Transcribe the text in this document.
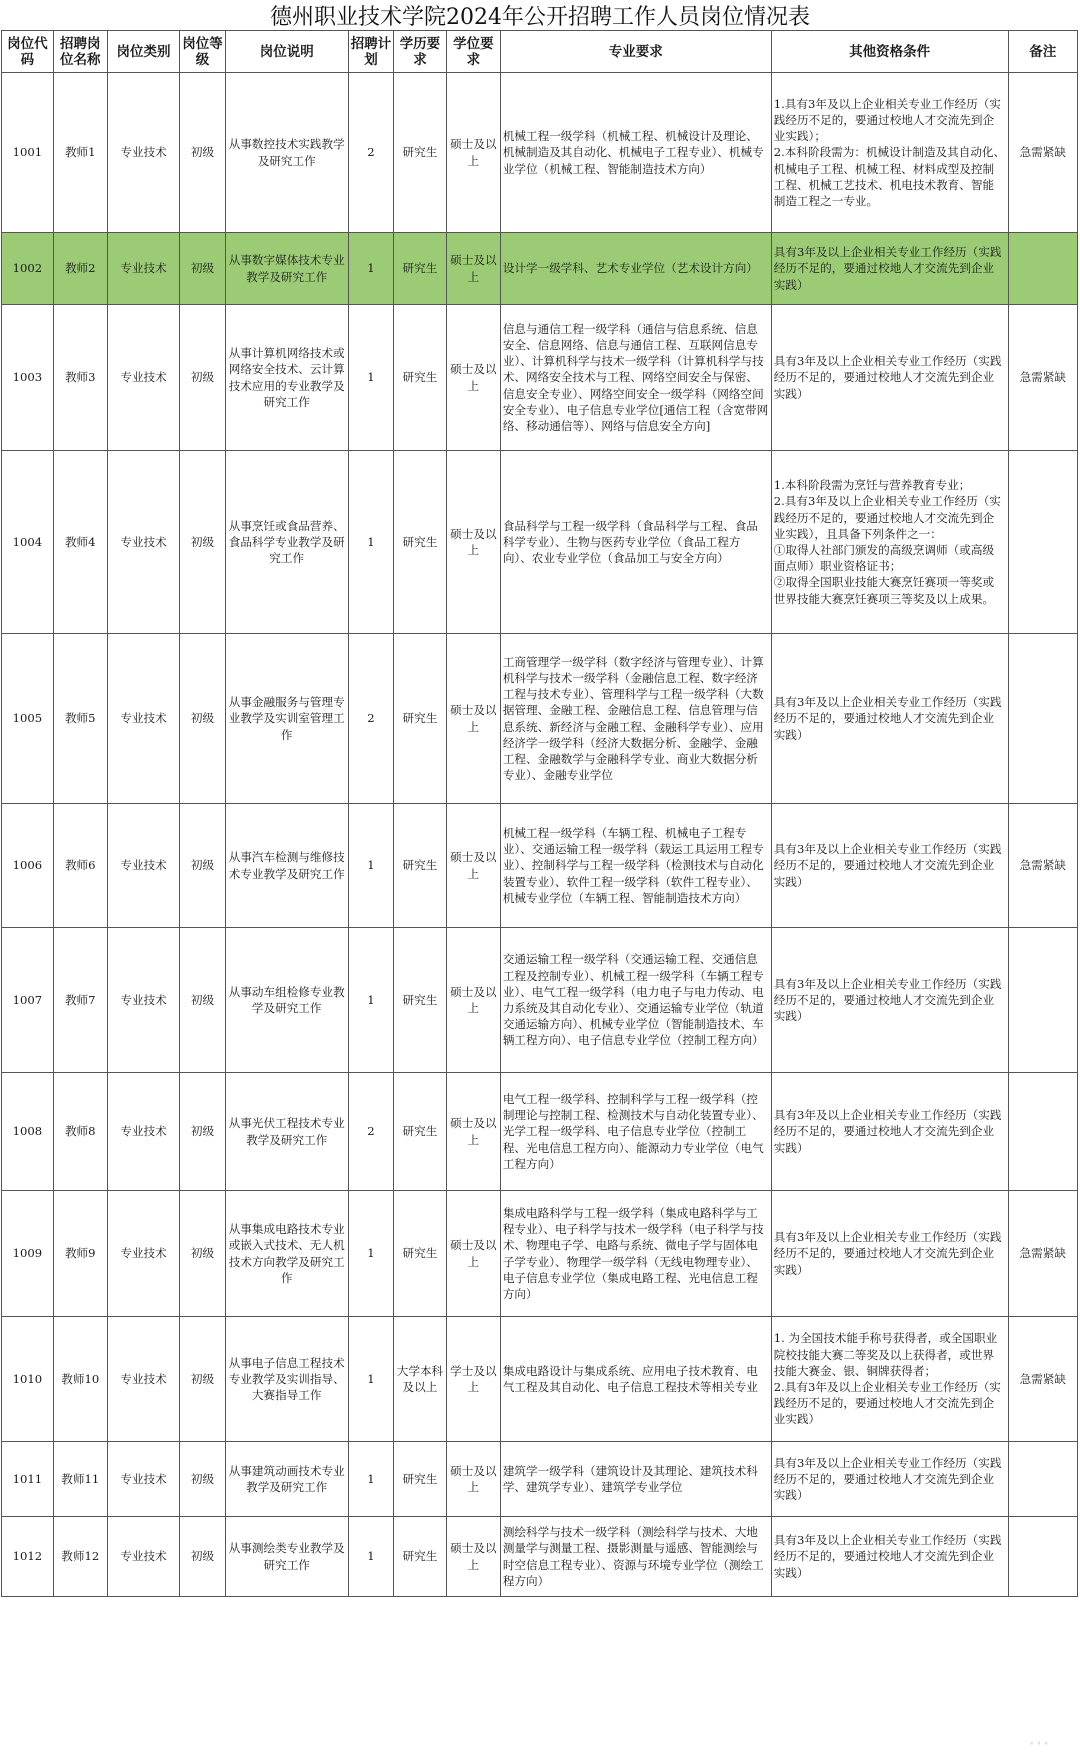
德州职业技术学院2024年公开招聘工作人员岗位情况表
岗位代码	招聘岗位名称	岗位类别	岗位等级	岗位说明	招聘计划	学历要求	学位要求	专业要求	其他资格条件	备注
1001	教师1	专业技术	初级	从事数控技术实践教学及研究工作	2	研究生	硕士及以上	机械工程一级学科（机械工程、机械设计及理论、机械制造及其自动化、机械电子工程专业）、机械专业学位（机械工程、智能制造技术方向）	1.具有3年及以上企业相关专业工作经历（实践经历不足的，要通过校地人才交流先到企业实践）；
2.本科阶段需为：机械设计制造及其自动化、机械电子工程、机械工程、材料成型及控制工程、机械工艺技术、机电技术教育、智能制造工程之一专业。	急需紧缺
1002	教师2	专业技术	初级	从事数字媒体技术专业教学及研究工作	1	研究生	硕士及以上	设计学一级学科、艺术专业学位（艺术设计方向）	具有3年及以上企业相关专业工作经历（实践经历不足的，要通过校地人才交流先到企业实践）	
1003	教师3	专业技术	初级	从事计算机网络技术或网络安全技术、云计算技术应用的专业教学及研究工作	1	研究生	硕士及以上	信息与通信工程一级学科（通信与信息系统、信息安全、信息网络、信息与通信工程、互联网信息专业）、计算机科学与技术一级学科（计算机科学与技术、网络安全技术与工程、网络空间安全与保密、信息安全专业）、网络空间安全一级学科（网络空间安全专业）、电子信息专业学位[通信工程（含宽带网络、移动通信等）、网络与信息安全方向]	具有3年及以上企业相关专业工作经历（实践经历不足的，要通过校地人才交流先到企业实践）	急需紧缺
1004	教师4	专业技术	初级	从事烹饪或食品营养、食品科学专业教学及研究工作	1	研究生	硕士及以上	食品科学与工程一级学科（食品科学与工程、食品科学专业）、生物与医药专业学位（食品工程方向）、农业专业学位（食品加工与安全方向）	1.本科阶段需为烹饪与营养教育专业；
2.具有3年及以上企业相关专业工作经历（实践经历不足的，要通过校地人才交流先到企业实践），且具备下列条件之一：
①取得人社部门颁发的高级烹调师（或高级面点师）职业资格证书；
②取得全国职业技能大赛烹饪赛项一等奖或世界技能大赛烹饪赛项三等奖及以上成果。	
1005	教师5	专业技术	初级	从事金融服务与管理专业教学及实训室管理工作	2	研究生	硕士及以上	工商管理学一级学科（数字经济与管理专业）、计算机科学与技术一级学科（金融信息工程、数字经济工程与技术专业）、管理科学与工程一级学科（大数据管理、金融工程、金融信息工程、信息管理与信息系统、新经济与金融工程、金融科学专业）、应用经济学一级学科（经济大数据分析、金融学、金融工程、金融数学与金融科学专业、商业大数据分析专业）、金融专业学位	具有3年及以上企业相关专业工作经历（实践经历不足的，要通过校地人才交流先到企业实践）	
1006	教师6	专业技术	初级	从事汽车检测与维修技术专业教学及研究工作	1	研究生	硕士及以上	机械工程一级学科（车辆工程、机械电子工程专业）、交通运输工程一级学科（载运工具运用工程专业）、控制科学与工程一级学科（检测技术与自动化装置专业）、软件工程一级学科（软件工程专业）、机械专业学位（车辆工程、智能制造技术方向）	具有3年及以上企业相关专业工作经历（实践经历不足的，要通过校地人才交流先到企业实践）	急需紧缺
1007	教师7	专业技术	初级	从事动车组检修专业教学及研究工作	1	研究生	硕士及以上	交通运输工程一级学科（交通运输工程、交通信息工程及控制专业）、机械工程一级学科（车辆工程专业）、电气工程一级学科（电力电子与电力传动、电力系统及其自动化专业）、交通运输专业学位（轨道交通运输方向）、机械专业学位（智能制造技术、车辆工程方向）、电子信息专业学位（控制工程方向）	具有3年及以上企业相关专业工作经历（实践经历不足的，要通过校地人才交流先到企业实践）	
1008	教师8	专业技术	初级	从事光伏工程技术专业教学及研究工作	2	研究生	硕士及以上	电气工程一级学科、控制科学与工程一级学科（控制理论与控制工程、检测技术与自动化装置专业）、光学工程一级学科、电子信息专业学位（控制工程、光电信息工程方向）、能源动力专业学位（电气工程方向）	具有3年及以上企业相关专业工作经历（实践经历不足的，要通过校地人才交流先到企业实践）	
1009	教师9	专业技术	初级	从事集成电路技术专业或嵌入式技术、无人机技术方向教学及研究工作	1	研究生	硕士及以上	集成电路科学与工程一级学科（集成电路科学与工程专业）、电子科学与技术一级学科（电子科学与技术、物理电子学、电路与系统、微电子学与固体电子学专业）、物理学一级学科（无线电物理专业）、电子信息专业学位（集成电路工程、光电信息工程方向）	具有3年及以上企业相关专业工作经历（实践经历不足的，要通过校地人才交流先到企业实践）	急需紧缺
1010	教师10	专业技术	初级	从事电子信息工程技术专业教学及实训指导、大赛指导工作	1	大学本科及以上	学士及以上	集成电路设计与集成系统、应用电子技术教育、电气工程及其自动化、电子信息工程技术等相关专业	1. 为全国技术能手称号获得者，或全国职业院校技能大赛二等奖及以上获得者，或世界技能大赛金、银、铜牌获得者；
2.具有3年及以上企业相关专业工作经历（实践经历不足的，要通过校地人才交流先到企业实践）	急需紧缺
1011	教师11	专业技术	初级	从事建筑动画技术专业教学及研究工作	1	研究生	硕士及以上	建筑学一级学科（建筑设计及其理论、建筑技术科学、建筑学专业）、建筑学专业学位	具有3年及以上企业相关专业工作经历（实践经历不足的，要通过校地人才交流先到企业实践）	
1012	教师12	专业技术	初级	从事测绘类专业教学及研究工作	1	研究生	硕士及以上	测绘科学与技术一级学科（测绘科学与技术、大地测量学与测量工程、摄影测量与遥感、智能测绘与时空信息工程专业）、资源与环境专业学位（测绘工程方向）	具有3年及以上企业相关专业工作经历（实践经历不足的，要通过校地人才交流先到企业实践）	
⋯
